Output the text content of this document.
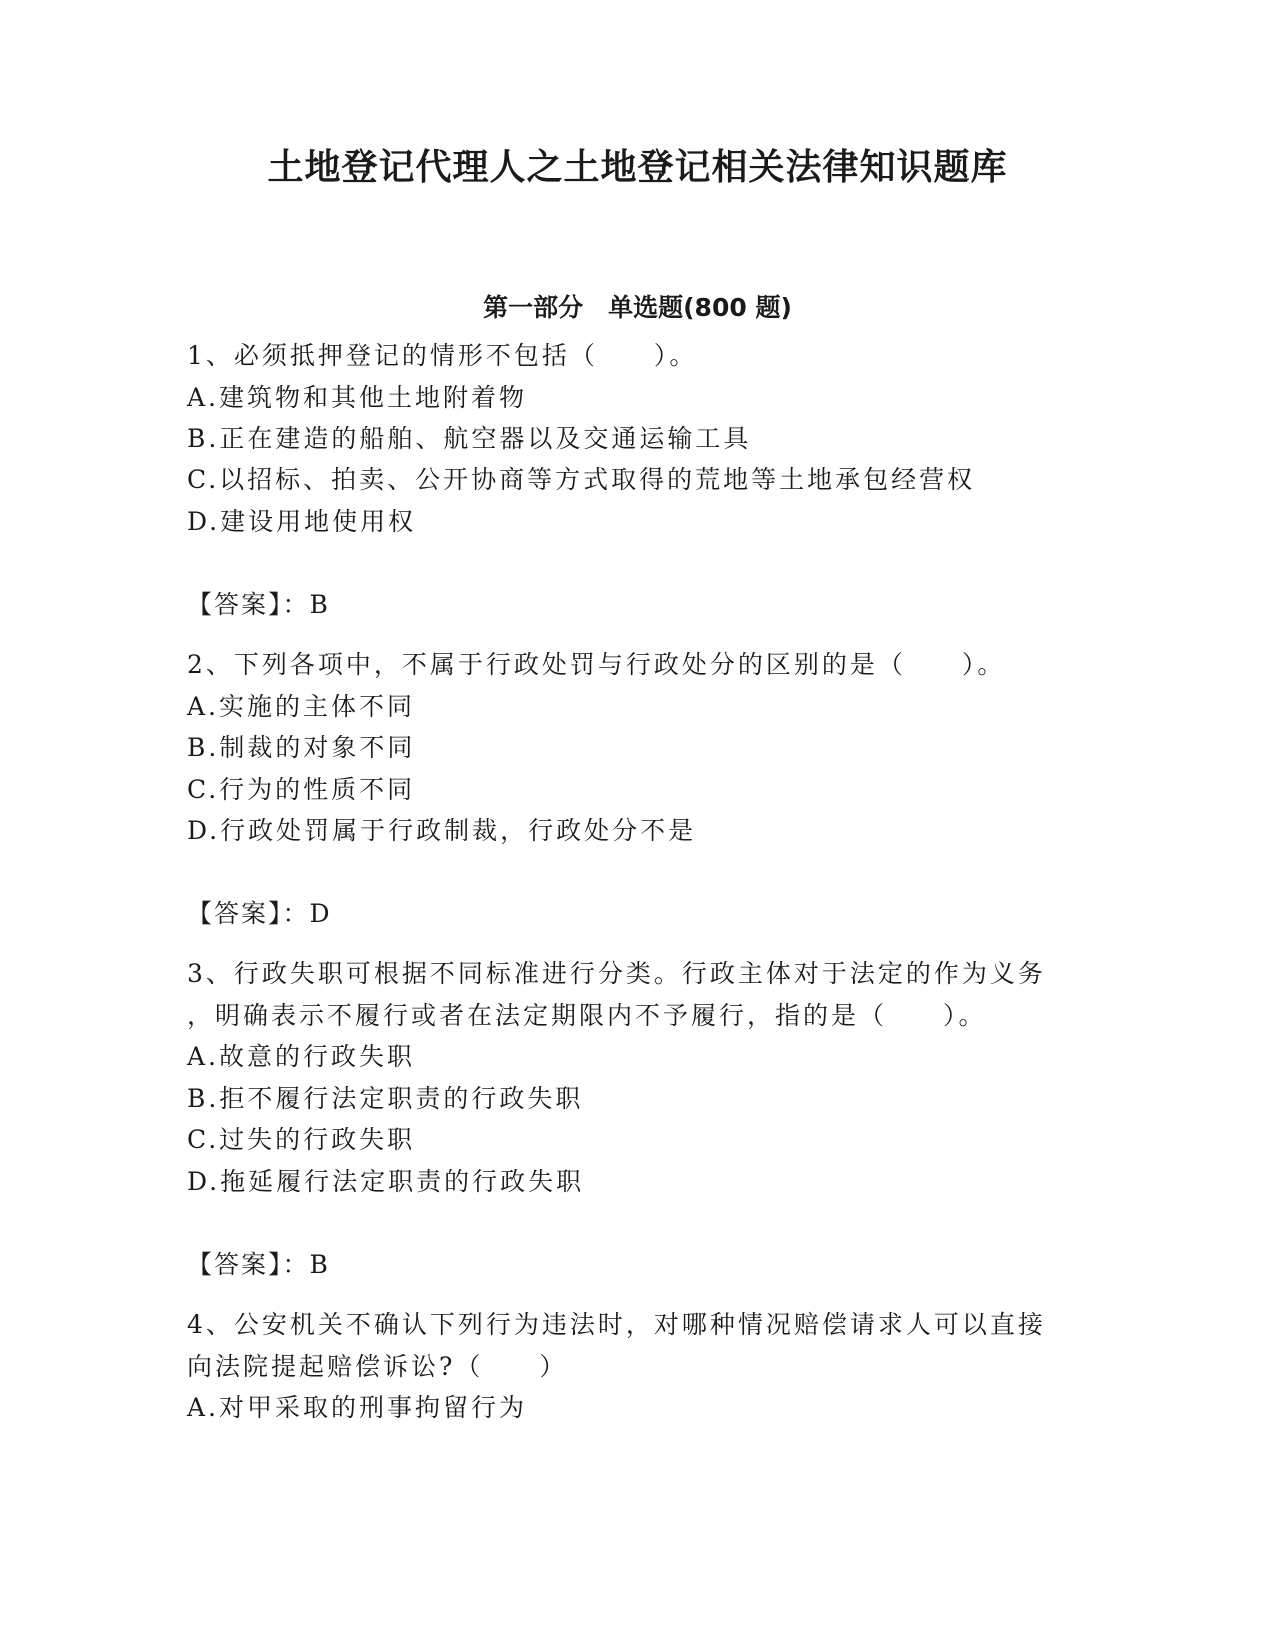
土地登记代理人之土地登记相关法律知识题库
第一部分　单选题(800 题)
1、必须抵押登记的情形不包括（　　）。
A.建筑物和其他土地附着物
B.正在建造的船舶、航空器以及交通运输工具
C.以招标、拍卖、公开协商等方式取得的荒地等土地承包经营权
D.建设用地使用权
【答案】：B
2、下列各项中，不属于行政处罚与行政处分的区别的是（　　）。
A.实施的主体不同
B.制裁的对象不同
C.行为的性质不同
D.行政处罚属于行政制裁，行政处分不是
【答案】：D
3、行政失职可根据不同标准进行分类。行政主体对于法定的作为义务
，明确表示不履行或者在法定期限内不予履行，指的是（　　）。
A.故意的行政失职
B.拒不履行法定职责的行政失职
C.过失的行政失职
D.拖延履行法定职责的行政失职
【答案】：B
4、公安机关不确认下列行为违法时，对哪种情况赔偿请求人可以直接
向法院提起赔偿诉讼?（　　）
A.对甲采取的刑事拘留行为
